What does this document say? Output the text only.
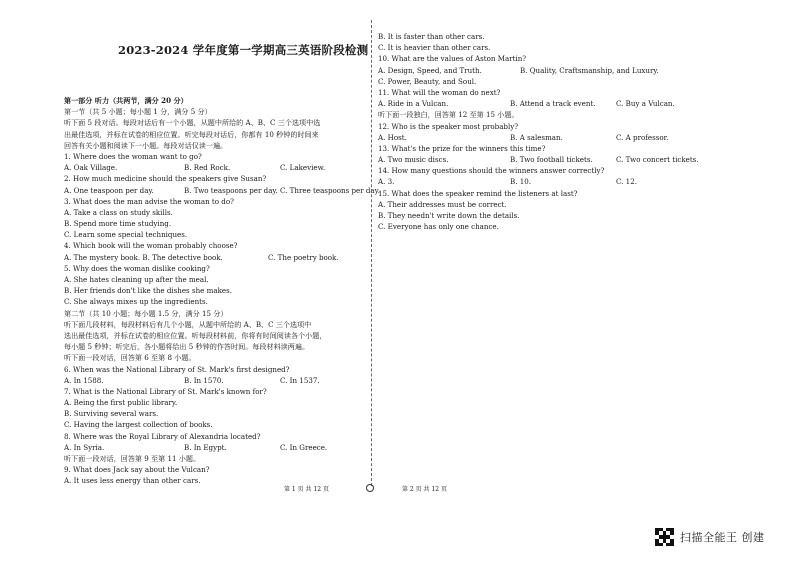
2023-2024 学年度第一学期高三英语阶段检测
第一部分 听力（共两节，满分 20 分）
第一节（共 5 小题；每小题 1 分，满分 5 分）
听下面 5 段对话。每段对话后有一个小题，从题中所给的 A、B、C 三个选项中选
出最佳选项，并标在试卷的相应位置。听完每段对话后，你都有 10 秒钟的时间来
回答有关小题和阅读下一小题。每段对话仅读一遍。
1. Where does the woman want to go?
A. Oak Village.	B. Red Rock.	C. Lakeview.
2. How much medicine should the speakers give Susan?
A. One teaspoon per day.	B. Two teaspoons per day. C. Three teaspoons per day.
3. What does the man advise the woman to do?
A. Take a class on study skills.
B. Spend more time studying.
C. Learn some special techniques.
4. Which book will the woman probably choose?
A. The mystery book. B. The detective book.	C. The poetry book.
5. Why does the woman dislike cooking?
A. She hates cleaning up after the meal.
B. Her friends don't like the dishes she makes.
C. She always mixes up the ingredients.
第二节（共 10 小题；每小题 1.5 分，满分 15 分）
听下面几段材料，每段材料后有几个小题，从题中所给的 A、B、C 三个选项中
选出最佳选项，并标在试卷的相应位置。听每段材料前，你将有时间阅读各个小题，
每小题 5 秒钟；听完后，各小题将给出 5 秒钟的作答时间。每段材料读两遍。
听下面一段对话，回答第 6 至第 8 小题。
6. When was the National Library of St. Mark's first designed?
A. In 1588.	B. In 1570.	C. In 1537.
7. What is the National Library of St. Mark's known for?
A. Being the first public library.
B. Surviving several wars.
C. Having the largest collection of books.
8. Where was the Royal Library of Alexandria located?
A. In Syria.	B. In Egypt.	C. In Greece.
听下面一段对话，回答第 9 至第 11 小题。
9. What does Jack say about the Vulcan?
A. It uses less energy than other cars.
B. It is faster than other cars.
C. It is heavier than other cars.
10. What are the values of Aston Martin?
A. Design, Speed, and Truth.	B. Quality, Craftsmanship, and Luxury.
C. Power, Beauty, and Soul.
11. What will the woman do next?
A. Ride in a Vulcan.	B. Attend a track event.	C. Buy a Vulcan.
听下面一段独白，回答第 12 至第 15 小题。
12. Who is the speaker most probably?
A. Host.	B. A salesman.	C. A professor.
13. What's the prize for the winners this time?
A. Two music discs.	B. Two football tickets.	C. Two concert tickets.
14. How many questions should the winners answer correctly?
A. 3.	B. 10.	C. 12.
15. What does the speaker remind the listeners at last?
A. Their addresses must be correct.
B. They needn't write down the details.
C. Everyone has only one chance.
第 1 页 共 12 页	第 2 页 共 12 页
扫描全能王 创建
